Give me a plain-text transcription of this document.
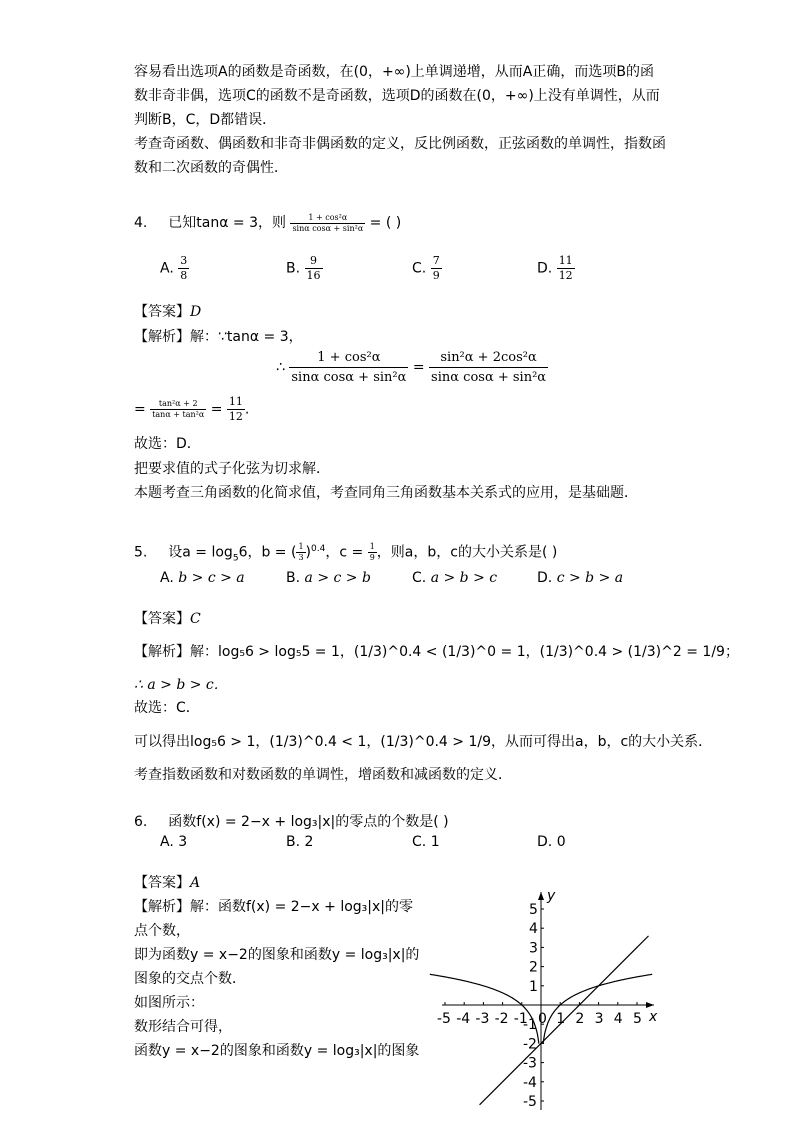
容易看出选项A的函数是奇函数，在(0，+∞)上单调递增，从而A正确，而选项B的函
数非奇非偶，选项C的函数不是奇函数，选项D的函数在(0，+∞)上没有单调性，从而
判断B，C，D都错误．
考查奇函数、偶函数和非奇非偶函数的定义，反比例函数，正弦函数的单调性，指数函
数和二次函数的奇偶性．
4. 已知tanα = 3，则 $\frac{\text{1 + cos²α}}{\text{sinα cosα + sin²α}}$ = ( )
A. $\frac{3}{8}$	B. $\frac{9}{16}$	C. $\frac{7}{9}$	D. $\frac{11}{12}$
【答案】D
【解析】解：∵tanα = 3，
∴ $\frac{\text{1 + cos²α}}{\text{sinα cosα + sin²α}} = \frac{\text{sin²α + 2cos²α}}{\text{sinα cosα + sin²α}}$
= $\frac{\text{tan²α + 2}}{\text{tanα + tan²α}} = \frac{11}{12}$ .
故选：D．
把要求值的式子化弦为切求解．
本题考查三角函数的化简求值，考查同角三角函数基本关系式的应用，是基础题．
5. 设$a = \log_56$，b = ( $\frac{1}{3} )^{0.4}$，$c = \frac{1}{9}$ ，则a，b，c的大小关系是( )
A. b > c > a	B. a > c > b	C. a > b > c	D. c > b > a
【答案】C
【解析】解：log₅6 > log₅5 = 1，(1/3)^0.4 < (1/3)^0 = 1，(1/3)^0.4 > (1/3)^2 = 1/9；
∴ a > b > c．
故选：C．
可以得出log₅6 > 1，(1/3)^0.4 < 1，(1/3)^0.4 > 1/9，从而可得出a，b，c的大小关系．
考查指数函数和对数函数的单调性，增函数和减函数的定义．
6. 函数f(x) = 2−x + log₃|x|的零点的个数是( )
A. 3	B. 2	C. 1	D. 0
【答案】A
【解析】解：函数f(x) = 2−x + log₃|x|的零
点个数，
即为函数y = x−2的图象和函数y = log₃|x|的
图象的交点个数．
如图所示：
数形结合可得，
函数y = x−2的图象和函数y = log₃|x|的图象
x
y
0
-5 -4 -3 -2 -1 1 2 3 4 5
5
4
3
2
1
-1
-2
-3
-4
-5
